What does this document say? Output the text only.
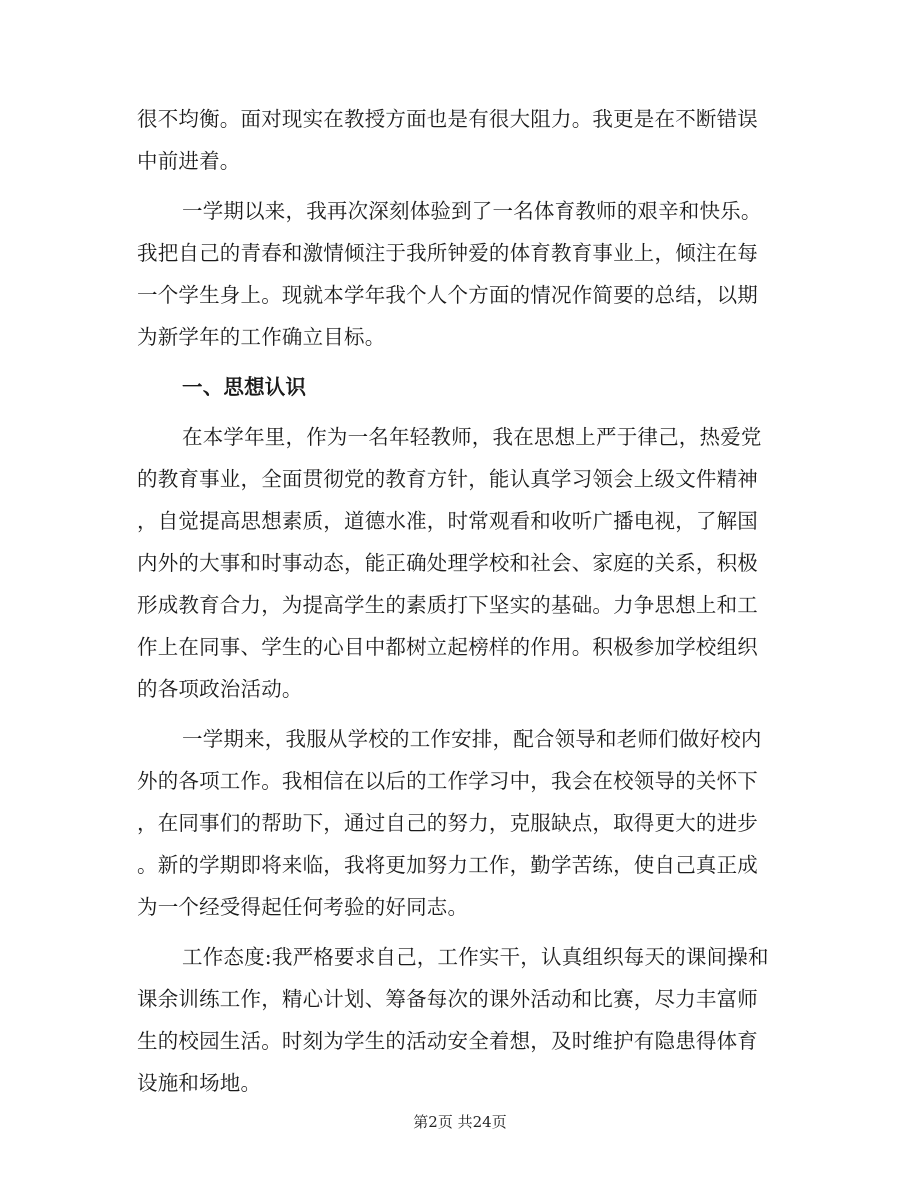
很不均衡。面对现实在教授方面也是有很大阻力。我更是在不断错误
中前进着。
一学期以来，我再次深刻体验到了一名体育教师的艰辛和快乐。
我把自己的青春和激情倾注于我所钟爱的体育教育事业上，倾注在每
一个学生身上。现就本学年我个人个方面的情况作简要的总结，以期
为新学年的工作确立目标。
一、思想认识
在本学年里，作为一名年轻教师，我在思想上严于律己，热爱党
的教育事业，全面贯彻党的教育方针，能认真学习领会上级文件精神
，自觉提高思想素质，道德水准，时常观看和收听广播电视，了解国
内外的大事和时事动态，能正确处理学校和社会、家庭的关系，积极
形成教育合力，为提高学生的素质打下坚实的基础。力争思想上和工
作上在同事、学生的心目中都树立起榜样的作用。积极参加学校组织
的各项政治活动。
一学期来，我服从学校的工作安排，配合领导和老师们做好校内
外的各项工作。我相信在以后的工作学习中，我会在校领导的关怀下
，在同事们的帮助下，通过自己的努力，克服缺点，取得更大的进步
。新的学期即将来临，我将更加努力工作，勤学苦练，使自己真正成
为一个经受得起任何考验的好同志。
工作态度:我严格要求自己，工作实干，认真组织每天的课间操和
课余训练工作，精心计划、筹备每次的课外活动和比赛，尽力丰富师
生的校园生活。时刻为学生的活动安全着想，及时维护有隐患得体育
设施和场地。
第2页 共24页
